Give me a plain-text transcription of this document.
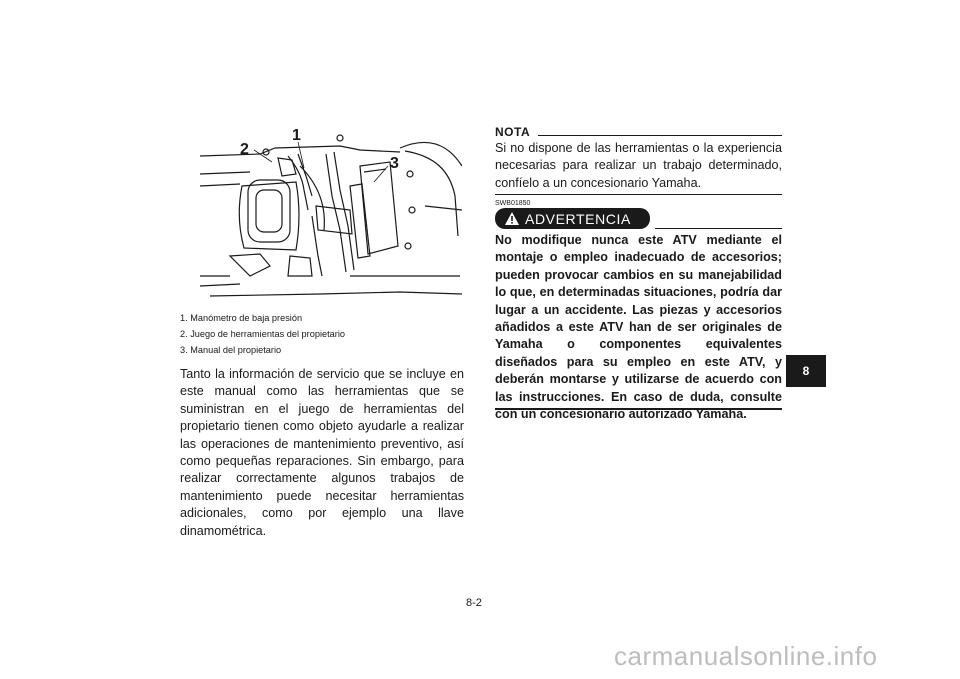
2
1
3
1. Manómetro de baja presión
2. Juego de herramientas del propietario
3. Manual del propietario

Tanto la información de servicio que se incluye en este manual como las herramientas que se suministran en el juego de herramientas del propietario tienen como objeto ayudarle a realizar las operaciones de mantenimiento preventivo, así como pequeñas reparaciones. Sin embargo, para realizar correctamente algunos trabajos de mantenimiento puede necesitar herramientas adicionales, como por ejemplo una llave dinamométrica.

NOTA

Si no dispone de las herramientas o la experiencia necesarias para realizar un trabajo determinado, confíelo a un concesionario Yamaha.

SWB01850
ADVERTENCIA

No modifique nunca este ATV mediante el montaje o empleo inadecuado de accesorios; pueden provocar cambios en su manejabilidad lo que, en determinadas situaciones, podría dar lugar a un accidente. Las piezas y accesorios añadidos a este ATV han de ser originales de Yamaha o componentes equivalentes diseñados para su empleo en este ATV, y deberán montarse y utilizarse de acuerdo con las instrucciones. En caso de duda, consulte con un concesionario autorizado Yamaha.

8
8-2
carmanualsonline.info
